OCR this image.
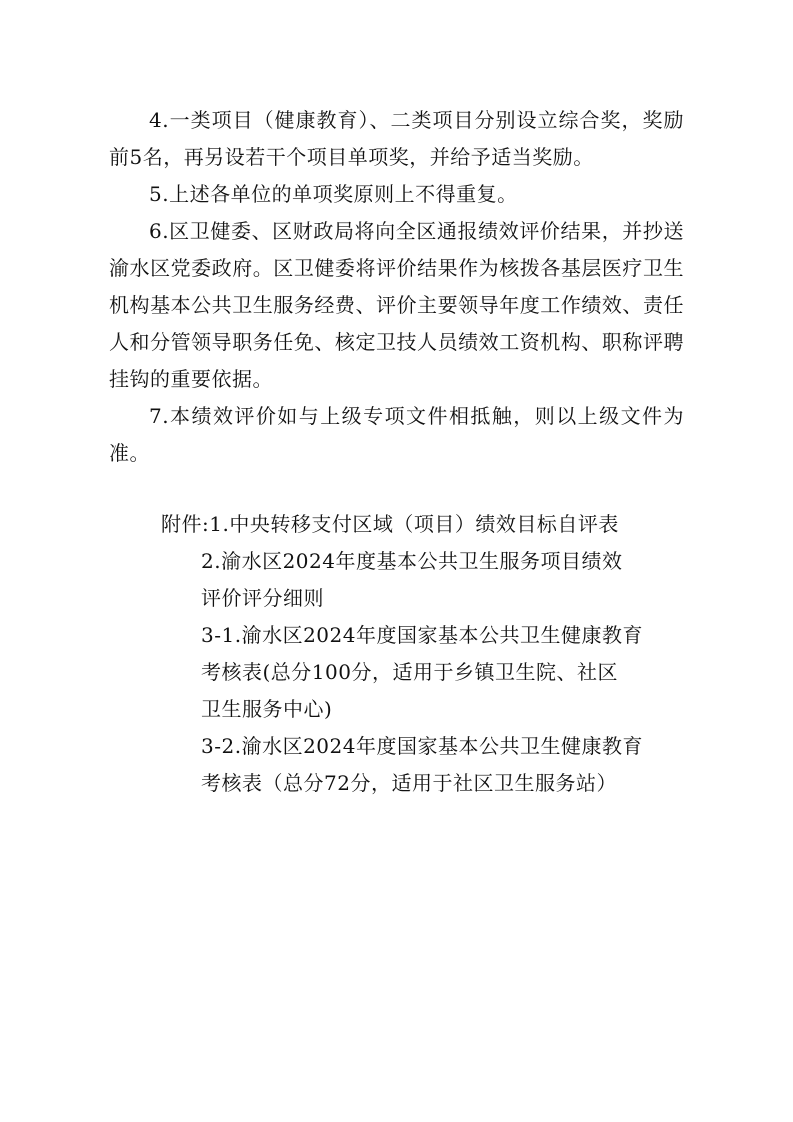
4.一类项目（健康教育）、二类项目分别设立综合奖，奖励前5名，再另设若干个项目单项奖，并给予适当奖励。

5.上述各单位的单项奖原则上不得重复。

6.区卫健委、区财政局将向全区通报绩效评价结果，并抄送渝水区党委政府。区卫健委将评价结果作为核拨各基层医疗卫生机构基本公共卫生服务经费、评价主要领导年度工作绩效、责任人和分管领导职务任免、核定卫技人员绩效工资机构、职称评聘挂钩的重要依据。

7.本绩效评价如与上级专项文件相抵触，则以上级文件为准。

附件:1.中央转移支付区域（项目）绩效目标自评表

2.渝水区2024年度基本公共卫生服务项目绩效
评价评分细则

3-1.渝水区2024年度国家基本公共卫生健康教育
考核表(总分100分，适用于乡镇卫生院、社区
卫生服务中心)

3-2.渝水区2024年度国家基本公共卫生健康教育
考核表（总分72分，适用于社区卫生服务站）
